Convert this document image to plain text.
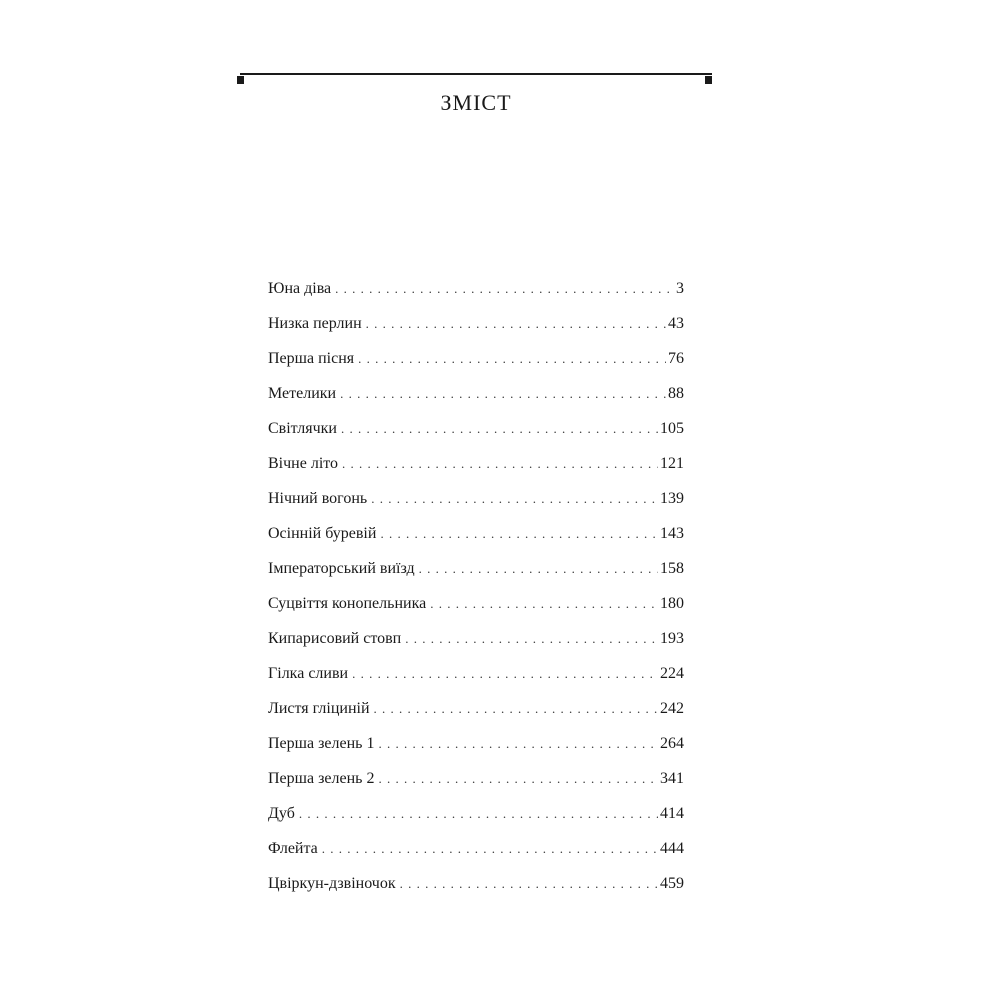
ЗМІСТ
Юна діва . . .	3
Низка перлин . . .	43
Перша пісня . . .	76
Метелики . . .	88
Світлячки . . .	105
Вічне літо . . .	121
Нічний вогонь . . .	139
Осінній буревій . . .	143
Імператорський виїзд . . .	158
Суцвіття конопельника . . .	180
Кипарисовий стовп . . .	193
Гілка сливи . . .	224
Листя гліциній . . .	242
Перша зелень 1 . . .	264
Перша зелень 2 . . .	341
Дуб . . .	414
Флейта . . .	444
Цвіркун-дзвіночок . . .	459
